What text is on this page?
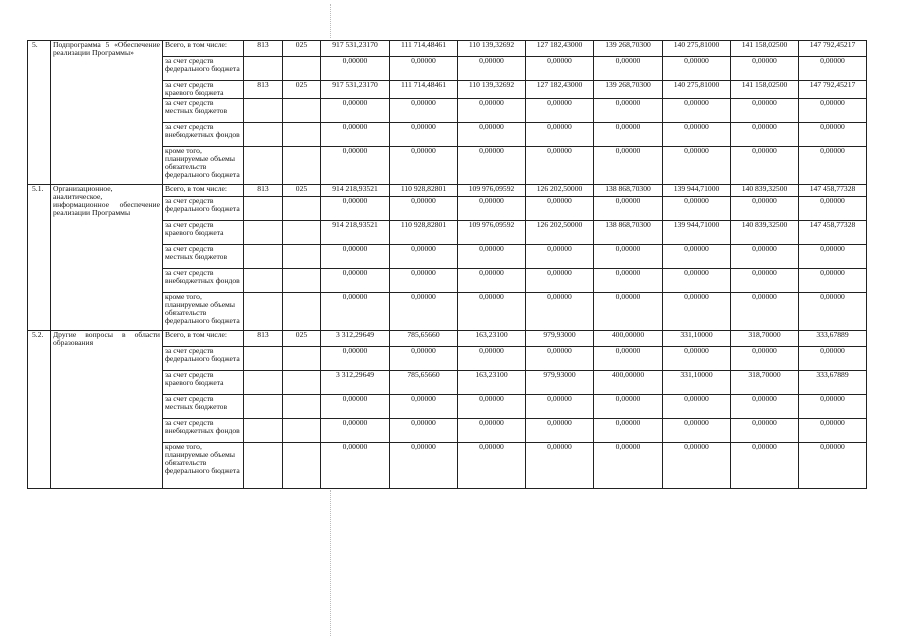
5.	Подпрограмма 5 «Обеспечение реализации Программы»	Всего, в том числе:	813	025	917 531,23170	111 714,48461	110 139,32692	127 182,43000	139 268,70300	140 275,81000	141 158,02500	147 792,45217
		за счет средств федерального бюджета			0,00000	0,00000	0,00000	0,00000	0,00000	0,00000	0,00000	0,00000
		за счет средств краевого бюджета	813	025	917 531,23170	111 714,48461	110 139,32692	127 182,43000	139 268,70300	140 275,81000	141 158,02500	147 792,45217
		за счет средств местных бюджетов			0,00000	0,00000	0,00000	0,00000	0,00000	0,00000	0,00000	0,00000
		за счет средств внебюджетных фондов			0,00000	0,00000	0,00000	0,00000	0,00000	0,00000	0,00000	0,00000
		кроме того, планируемые объемы обязательств федерального бюджета			0,00000	0,00000	0,00000	0,00000	0,00000	0,00000	0,00000	0,00000
5.1.	Организационное, аналитическое, информационное обеспечение реализации Программы	Всего, в том числе:	813	025	914 218,93521	110 928,82801	109 976,09592	126 202,50000	138 868,70300	139 944,71000	140 839,32500	147 458,77328
		за счет средств федерального бюджета			0,00000	0,00000	0,00000	0,00000	0,00000	0,00000	0,00000	0,00000
		за счет средств краевого бюджета			914 218,93521	110 928,82801	109 976,09592	126 202,50000	138 868,70300	139 944,71000	140 839,32500	147 458,77328
		за счет средств местных бюджетов			0,00000	0,00000	0,00000	0,00000	0,00000	0,00000	0,00000	0,00000
		за счет средств внебюджетных фондов			0,00000	0,00000	0,00000	0,00000	0,00000	0,00000	0,00000	0,00000
		кроме того, планируемые объемы обязательств федерального бюджета			0,00000	0,00000	0,00000	0,00000	0,00000	0,00000	0,00000	0,00000
5.2.	Другие вопросы в области образования	Всего, в том числе:	813	025	3 312,29649	785,65660	163,23100	979,93000	400,00000	331,10000	318,70000	333,67889
		за счет средств федерального бюджета			0,00000	0,00000	0,00000	0,00000	0,00000	0,00000	0,00000	0,00000
		за счет средств краевого бюджета			3 312,29649	785,65660	163,23100	979,93000	400,00000	331,10000	318,70000	333,67889
		за счет средств местных бюджетов			0,00000	0,00000	0,00000	0,00000	0,00000	0,00000	0,00000	0,00000
		за счет средств внебюджетных фондов			0,00000	0,00000	0,00000	0,00000	0,00000	0,00000	0,00000	0,00000
		кроме того, планируемые объемы обязательств федерального бюджета			0,00000	0,00000	0,00000	0,00000	0,00000	0,00000	0,00000	0,00000
